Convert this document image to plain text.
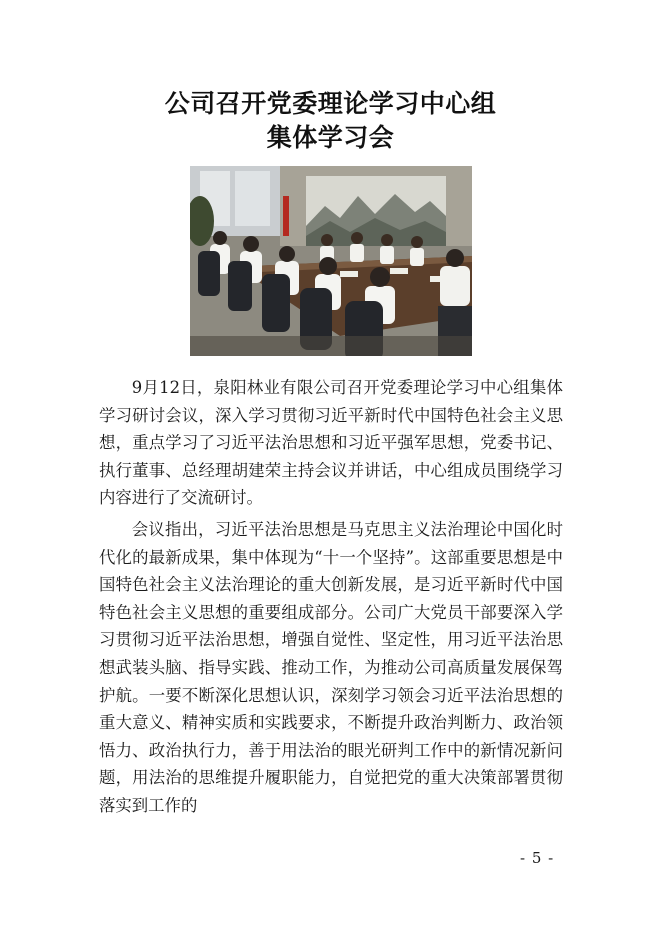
公司召开党委理论学习中心组
集体学习会

9月12日，泉阳林业有限公司召开党委理论学习中心组集体学习研讨会议，深入学习贯彻习近平新时代中国特色社会主义思想，重点学习了习近平法治思想和习近平强军思想，党委书记、执行董事、总经理胡建荣主持会议并讲话，中心组成员围绕学习内容进行了交流研讨。

会议指出，习近平法治思想是马克思主义法治理论中国化时代化的最新成果，集中体现为“十一个坚持”。这部重要思想是中国特色社会主义法治理论的重大创新发展，是习近平新时代中国特色社会主义思想的重要组成部分。公司广大党员干部要深入学习贯彻习近平法治思想，增强自觉性、坚定性，用习近平法治思想武装头脑、指导实践、推动工作，为推动公司高质量发展保驾护航。一要不断深化思想认识，深刻学习领会习近平法治思想的重大意义、精神实质和实践要求，不断提升政治判断力、政治领悟力、政治执行力，善于用法治的眼光研判工作中的新情况新问题，用法治的思维提升履职能力，自觉把党的重大决策部署贯彻落实到工作的

- 5 -
